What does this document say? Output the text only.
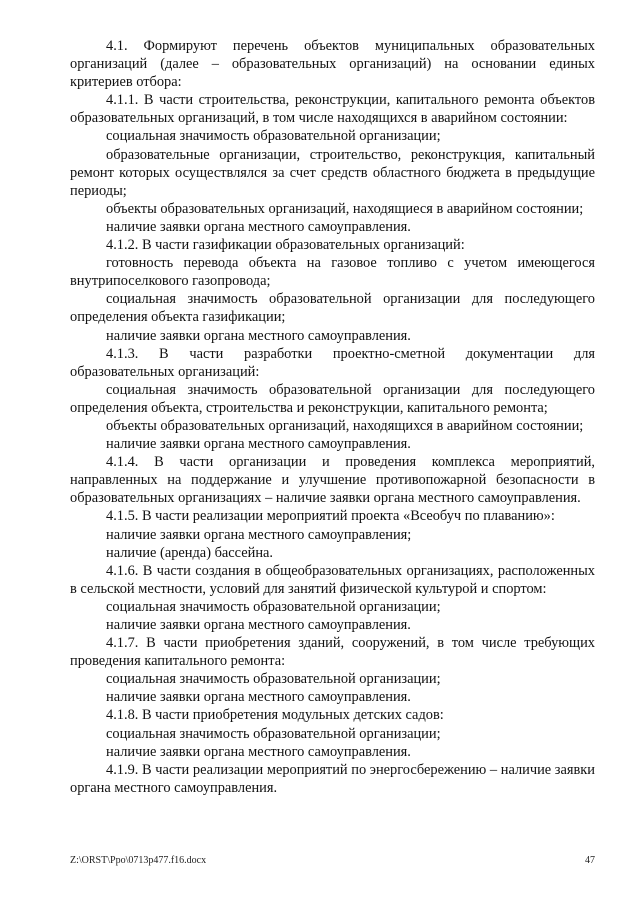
4.1. Формируют перечень объектов муниципальных образовательных организаций (далее – образовательных организаций) на основании единых критериев отбора:

4.1.1. В части строительства, реконструкции, капитального ремонта объектов образовательных организаций, в том числе находящихся в аварийном состоянии:

социальная значимость образовательной организации;

образовательные организации, строительство, реконструкция, капитальный ремонт которых осуществлялся за счет средств областного бюджета в предыдущие периоды;

объекты образовательных организаций, находящиеся в аварийном состоянии;

наличие заявки органа местного самоуправления.

4.1.2. В части газификации образовательных организаций:

готовность перевода объекта на газовое топливо с учетом имеющегося внутрипоселкового газопровода;

социальная значимость образовательной организации для последующего определения объекта газификации;

наличие заявки органа местного самоуправления.

4.1.3. В части разработки проектно-сметной документации для образовательных организаций:

социальная значимость образовательной организации для последующего определения объекта, строительства и реконструкции, капитального ремонта;

объекты образовательных организаций, находящихся в аварийном состоянии;

наличие заявки органа местного самоуправления.

4.1.4. В части организации и проведения комплекса мероприятий, направленных на поддержание и улучшение противопожарной безопасности в образовательных организациях – наличие заявки органа местного самоуправления.

4.1.5. В части реализации мероприятий проекта «Всеобуч по плаванию»:

наличие заявки органа местного самоуправления;

наличие (аренда) бассейна.

4.1.6. В части создания в общеобразовательных организациях, расположенных в сельской местности, условий для занятий физической культурой и спортом:

социальная значимость образовательной организации;

наличие заявки органа местного самоуправления.

4.1.7. В части приобретения зданий, сооружений, в том числе требующих проведения капитального ремонта:

социальная значимость образовательной организации;

наличие заявки органа местного самоуправления.

4.1.8. В части приобретения модульных детских садов:

социальная значимость образовательной организации;

наличие заявки органа местного самоуправления.

4.1.9. В части реализации мероприятий по энергосбережению – наличие заявки органа местного самоуправления.

Z:\ORST\Ppo\0713p477.f16.docx	47
